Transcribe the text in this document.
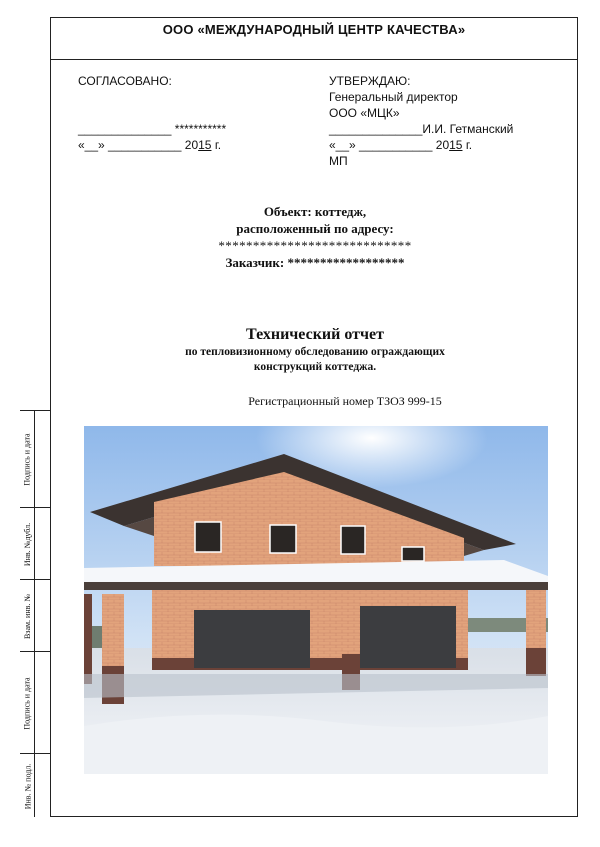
ООО «МЕЖДУНАРОДНЫЙ ЦЕНТР КАЧЕСТВА»
Подпись и дата
Инв. №дубл.
Взам. инв. №
Подпись и дата
Инв. № подл.
СОГЛАСОВАНО:
______________ ***********
«__» ___________ 2015 г.
УТВЕРЖДАЮ:
Генеральный директор
ООО «МЦК»
______________И.И. Гетманский
«__» ___________ 2015 г.
МП
Объект: коттедж,
расположенный по адресу:
****************************
Заказчик: ******************
Технический отчет
по тепловизионному обследованию ограждающих
конструкций коттеджа.
Регистрационный номер ТЗОЗ 999-15
